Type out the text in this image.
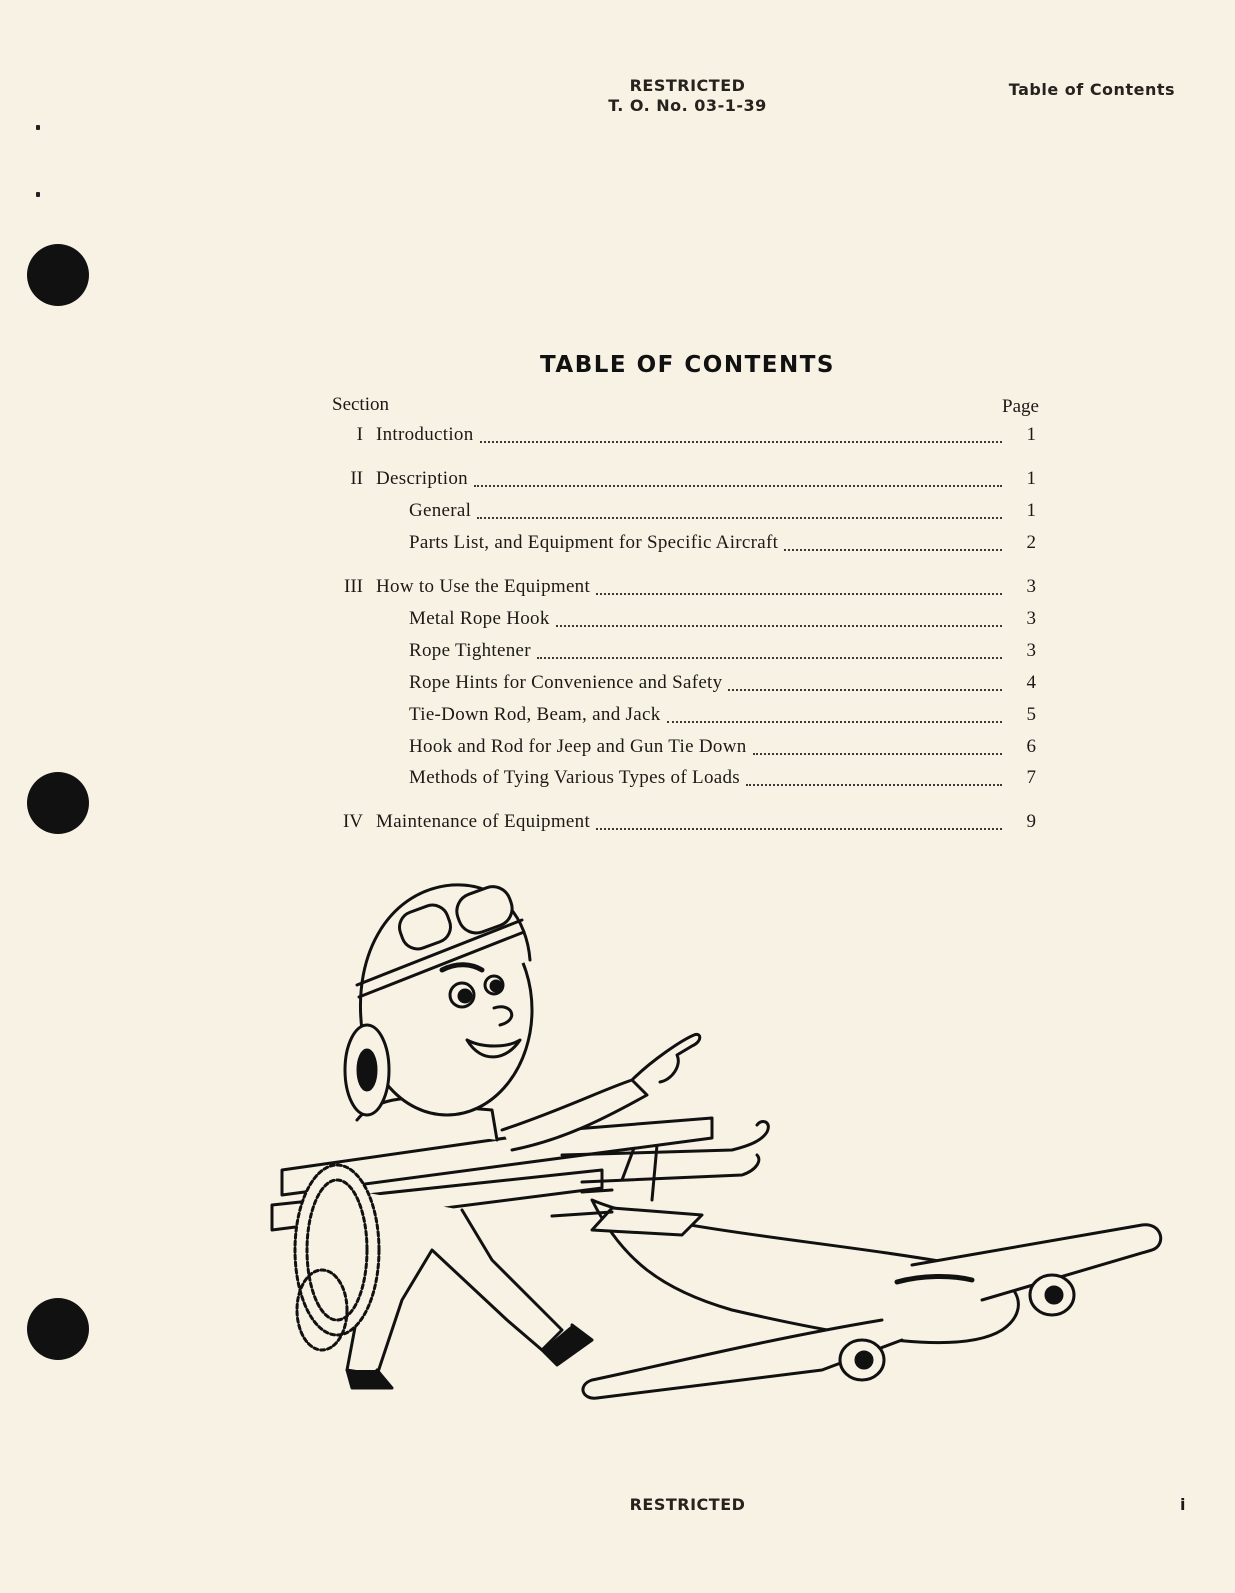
RESTRICTED
T. O. No. 03-1-39
Table of Contents
TABLE OF CONTENTS
Section	Page
I Introduction	1
II Description	1
General	1
Parts List, and Equipment for Specific Aircraft	2
III How to Use the Equipment	3
Metal Rope Hook	3
Rope Tightener	3
Rope Hints for Convenience and Safety	4
Tie-Down Rod, Beam, and Jack	5
Hook and Rod for Jeep and Gun Tie Down	6
Methods of Tying Various Types of Loads	7
IV Maintenance of Equipment	9
RESTRICTED	i
